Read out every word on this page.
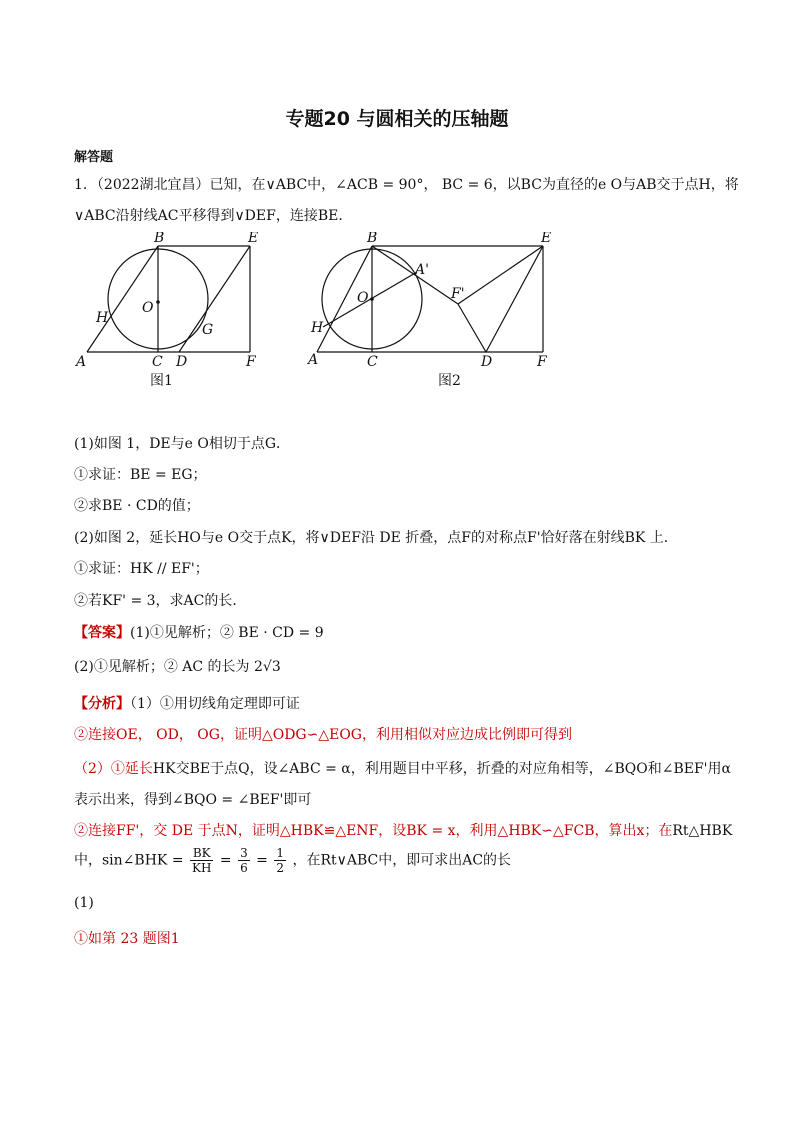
专题20 与圆相关的压轴题
解答题
1．（2022湖北宜昌）已知，在∨ABC中，∠ACB = 90°， BC = 6，以BC为直径的e O与AB交于点H，将
∨ABC沿射线AC平移得到∨DEF，连接BE．
B	E
O
H
G
A	C D	F
图1
B	E
A'
F'
O
H
A	C	D	F
图2
(1)如图 1，DE与e O相切于点G．
①求证：BE = EG；
②求BE · CD的值；
(2)如图 2，延长HO与e O交于点K，将∨DEF沿 DE 折叠，点F的对称点F'恰好落在射线BK 上．
①求证：HK // EF'；
②若KF' = 3，求AC的长．
【答案】(1)①见解析；② BE · CD = 9
(2)①见解析；② AC 的长为 2√3
【分析】（1）①用切线角定理即可证
②连接OE， OD， OG，证明△ODG∽△EOG，利用相似对应边成比例即可得到
（2）①延长HK交BE于点Q，设∠ABC = α，利用题目中平移，折叠的对应角相等，∠BQO和∠BEF'用α
表示出来，得到∠BQO = ∠BEF'即可
②连接FF'，交 DE 于点N，证明△HBK≌△ENF，设BK = x，利用△HBK∽△FCB，算出x；在Rt△HBK
中，sin∠BHK = $\frac{BK}{KH} = \frac{3}{6} = \frac{1}{2}$ ，在Rt∨ABC中，即可求出AC的长
(1)
①如第 23 题图1
